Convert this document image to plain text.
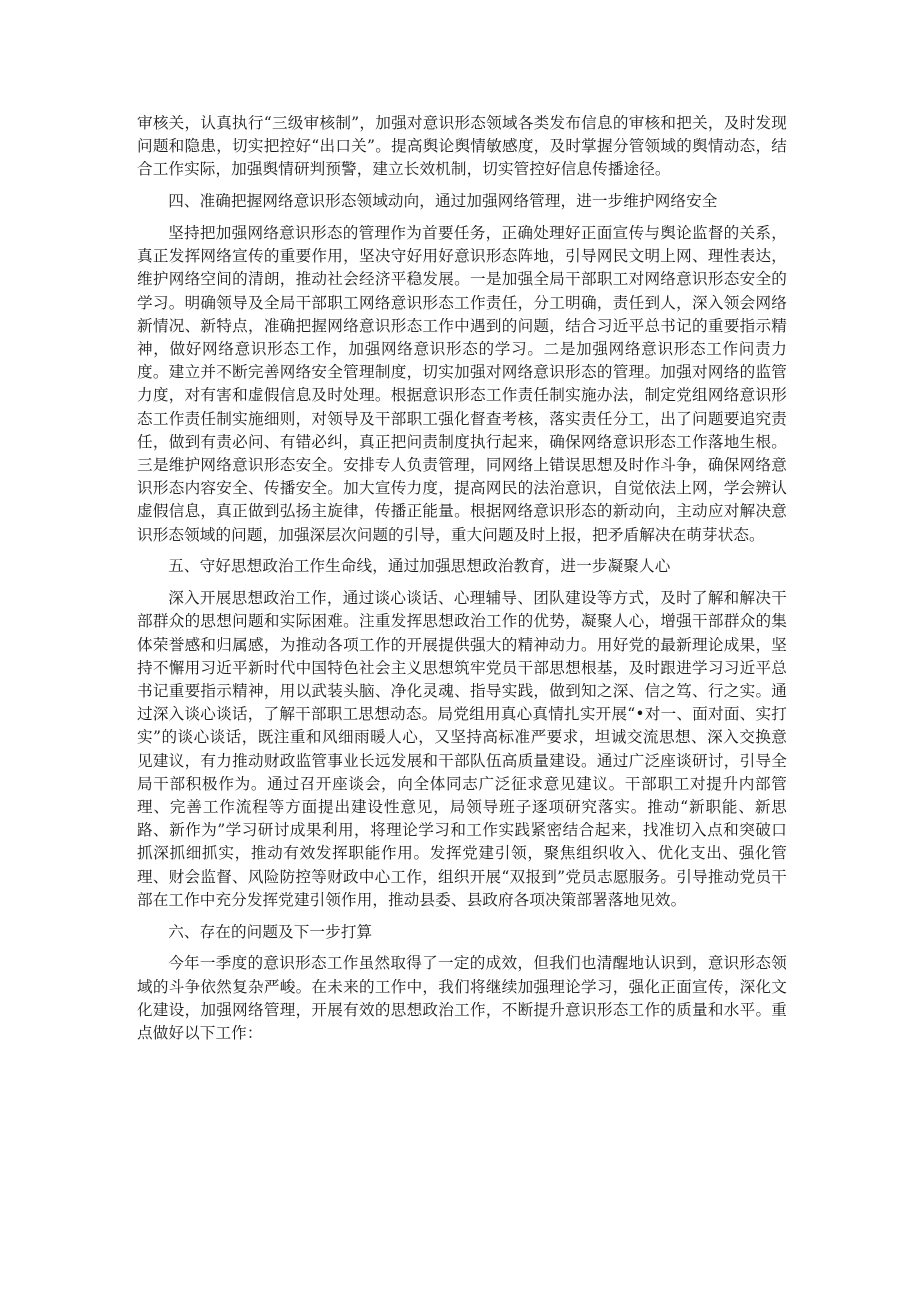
审核关，认真执行“三级审核制”，加强对意识形态领域各类发布信息的审核和把关，及时发现问题和隐患，切实把控好“出口关”。提高舆论舆情敏感度，及时掌握分管领域的舆情动态，结合工作实际，加强舆情研判预警，建立长效机制，切实管控好信息传播途径。

四、准确把握网络意识形态领域动向，通过加强网络管理，进一步维护网络安全

坚持把加强网络意识形态的管理作为首要任务，正确处理好正面宣传与舆论监督的关系，真正发挥网络宣传的重要作用，坚决守好用好意识形态阵地，引导网民文明上网、理性表达，维护网络空间的清朗，推动社会经济平稳发展。一是加强全局干部职工对网络意识形态安全的学习。明确领导及全局干部职工网络意识形态工作责任，分工明确，责任到人，深入领会网络新情况、新特点，准确把握网络意识形态工作中遇到的问题，结合习近平总书记的重要指示精神，做好网络意识形态工作，加强网络意识形态的学习。二是加强网络意识形态工作问责力度。建立并不断完善网络安全管理制度，切实加强对网络意识形态的管理。加强对网络的监管力度，对有害和虚假信息及时处理。根据意识形态工作责任制实施办法，制定党组网络意识形态工作责任制实施细则，对领导及干部职工强化督查考核，落实责任分工，出了问题要追究责任，做到有责必问、有错必纠，真正把问责制度执行起来，确保网络意识形态工作落地生根。三是维护网络意识形态安全。安排专人负责管理，同网络上错误思想及时作斗争，确保网络意识形态内容安全、传播安全。加大宣传力度，提高网民的法治意识，自觉依法上网，学会辨认虚假信息，真正做到弘扬主旋律，传播正能量。根据网络意识形态的新动向，主动应对解决意识形态领域的问题，加强深层次问题的引导，重大问题及时上报，把矛盾解决在萌芽状态。

五、守好思想政治工作生命线，通过加强思想政治教育，进一步凝聚人心

深入开展思想政治工作，通过谈心谈话、心理辅导、团队建设等方式，及时了解和解决干部群众的思想问题和实际困难。注重发挥思想政治工作的优势，凝聚人心，增强干部群众的集体荣誉感和归属感，为推动各项工作的开展提供强大的精神动力。用好党的最新理论成果，坚持不懈用习近平新时代中国特色社会主义思想筑牢党员干部思想根基，及时跟进学习习近平总书记重要指示精神，用以武装头脑、净化灵魂、指导实践，做到知之深、信之笃、行之实。通过深入谈心谈话，了解干部职工思想动态。局党组用真心真情扎实开展“•对一、面对面、实打实”的谈心谈话，既注重和风细雨暖人心，又坚持高标准严要求，坦诚交流思想、深入交换意见建议，有力推动财政监管事业长远发展和干部队伍高质量建设。通过广泛座谈研讨，引导全局干部积极作为。通过召开座谈会，向全体同志广泛征求意见建议。干部职工对提升内部管理、完善工作流程等方面提出建设性意见，局领导班子逐项研究落实。推动“新职能、新思路、新作为”学习研讨成果利用，将理论学习和工作实践紧密结合起来，找准切入点和突破口抓深抓细抓实，推动有效发挥职能作用。发挥党建引领，聚焦组织收入、优化支出、强化管理、财会监督、风险防控等财政中心工作，组织开展“双报到”党员志愿服务。引导推动党员干部在工作中充分发挥党建引领作用，推动县委、县政府各项决策部署落地见效。

六、存在的问题及下一步打算

今年一季度的意识形态工作虽然取得了一定的成效，但我们也清醒地认识到，意识形态领域的斗争依然复杂严峻。在未来的工作中，我们将继续加强理论学习，强化正面宣传，深化文化建设，加强网络管理，开展有效的思想政治工作，不断提升意识形态工作的质量和水平。重点做好以下工作：
